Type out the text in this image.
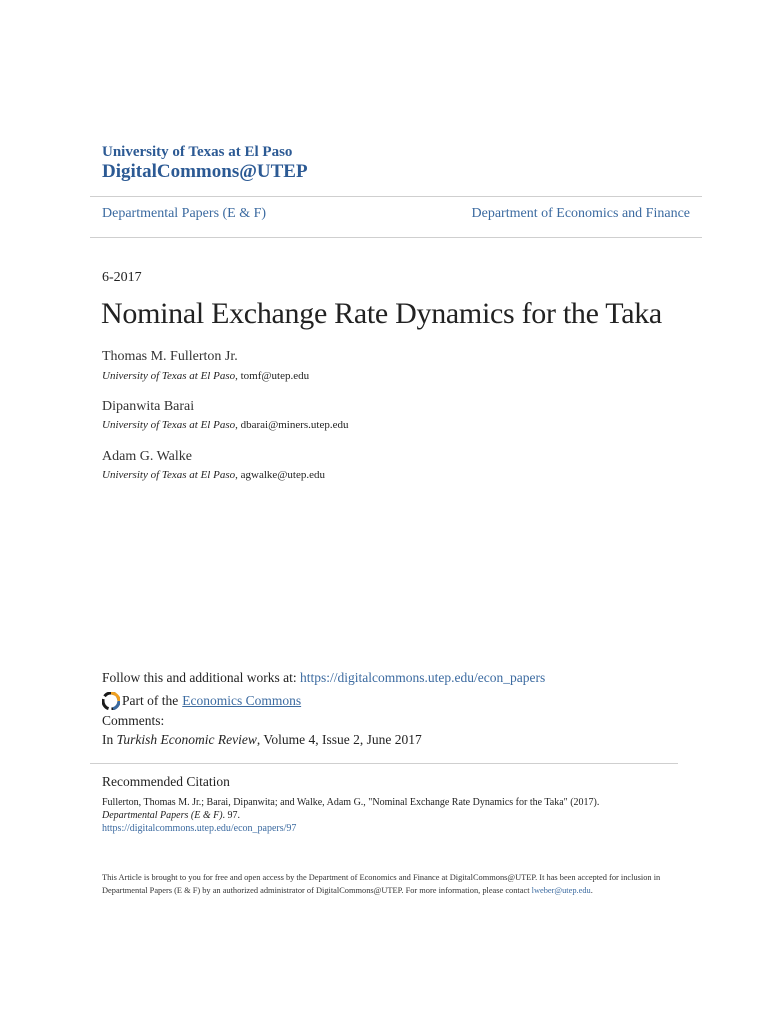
University of Texas at El Paso
DigitalCommons@UTEP
Departmental Papers (E & F)	Department of Economics and Finance
6-2017
Nominal Exchange Rate Dynamics for the Taka
Thomas M. Fullerton Jr.
University of Texas at El Paso, tomf@utep.edu
Dipanwita Barai
University of Texas at El Paso, dbarai@miners.utep.edu
Adam G. Walke
University of Texas at El Paso, agwalke@utep.edu
Follow this and additional works at: https://digitalcommons.utep.edu/econ_papers
Part of the Economics Commons
Comments:
In Turkish Economic Review, Volume 4, Issue 2, June 2017
Recommended Citation
Fullerton, Thomas M. Jr.; Barai, Dipanwita; and Walke, Adam G., "Nominal Exchange Rate Dynamics for the Taka" (2017).
Departmental Papers (E & F). 97.
https://digitalcommons.utep.edu/econ_papers/97
This Article is brought to you for free and open access by the Department of Economics and Finance at DigitalCommons@UTEP. It has been accepted for inclusion in Departmental Papers (E & F) by an authorized administrator of DigitalCommons@UTEP. For more information, please contact lweber@utep.edu.
